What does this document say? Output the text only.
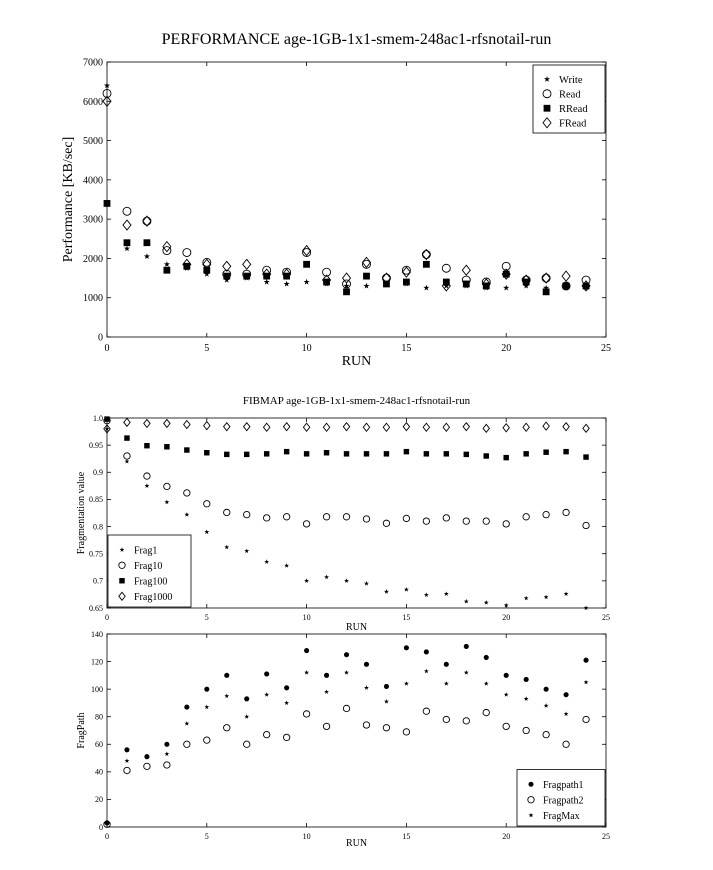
PERFORMANCE age-1GB-1x1-smem-248ac1-rfsnotail-run
0	5	10	15	20	25
0
1000
2000
3000
4000
5000
6000
7000
RUN
Performance [KB/sec]
Write
Read
RRead
FRead
FIBMAP age-1GB-1x1-smem-248ac1-rfsnotail-run
0	5	10	15	20	25
0.65
0.7
0.75
0.8
0.85
0.9
0.95
1.0
RUN
Fragmentation value	Frag1
Frag10
Frag100
Frag1000
0	5	10	15	20	25
0
20
40
60
80
100
120
140
RUN
FragPath
Fragpath1
Fragpath2
FragMax
